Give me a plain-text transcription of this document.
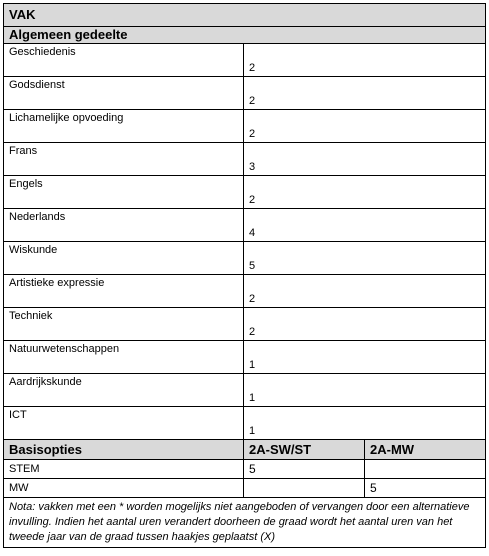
VAK		
Algemeen gedeelte		
Geschiedenis	2	
Godsdienst	2	
Lichamelijke opvoeding	2	
Frans	3	
Engels	2	
Nederlands	4	
Wiskunde	5	
Artistieke expressie	2	
Techniek	2	
Natuurwetenschappen	1	
Aardrijkskunde	1	
ICT	1	
Basisopties	2A-SW/ST	2A-MW
STEM	5	
MW		5
Nota: vakken met een * worden mogelijks niet aangeboden of vervangen door een alternatieve invulling. Indien het aantal uren verandert doorheen de graad wordt het aantal uren van het tweede jaar van de graad tussen haakjes geplaatst (X)		
